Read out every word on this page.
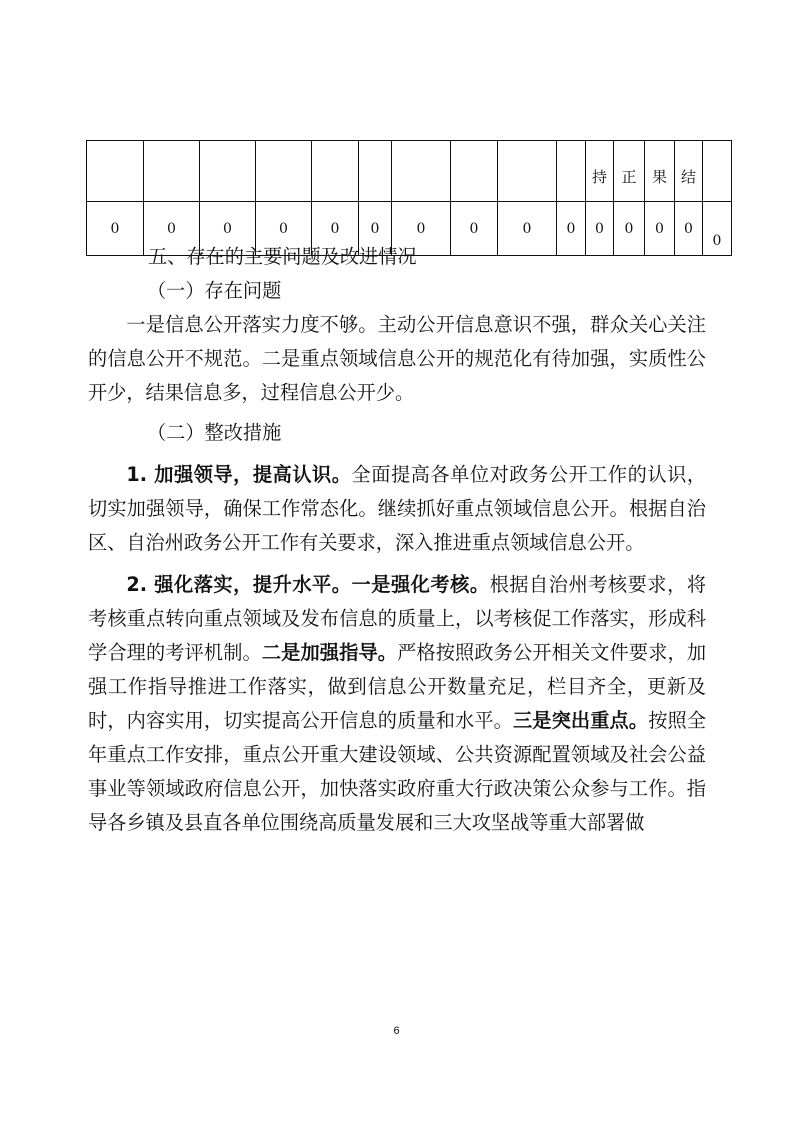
										持	正	果	结	
0	0	0	0	0	0	0	0	0	0	0	0	0	0	0

五、存在的主要问题及改进情况

（一）存在问题

一是信息公开落实力度不够。主动公开信息意识不强，群众关心关注的信息公开不规范。二是重点领域信息公开的规范化有待加强，实质性公开少，结果信息多，过程信息公开少。

（二）整改措施

1. 加强领导，提高认识。全面提高各单位对政务公开工作的认识，切实加强领导，确保工作常态化。继续抓好重点领域信息公开。根据自治区、自治州政务公开工作有关要求，深入推进重点领域信息公开。

2. 强化落实，提升水平。一是强化考核。根据自治州考核要求，将考核重点转向重点领域及发布信息的质量上，以考核促工作落实，形成科学合理的考评机制。二是加强指导。严格按照政务公开相关文件要求，加强工作指导推进工作落实，做到信息公开数量充足，栏目齐全，更新及时，内容实用，切实提高公开信息的质量和水平。三是突出重点。按照全年重点工作安排，重点公开重大建设领域、公共资源配置领域及社会公益事业等领域政府信息公开，加快落实政府重大行政决策公众参与工作。指导各乡镇及县直各单位围绕高质量发展和三大攻坚战等重大部署做

6
